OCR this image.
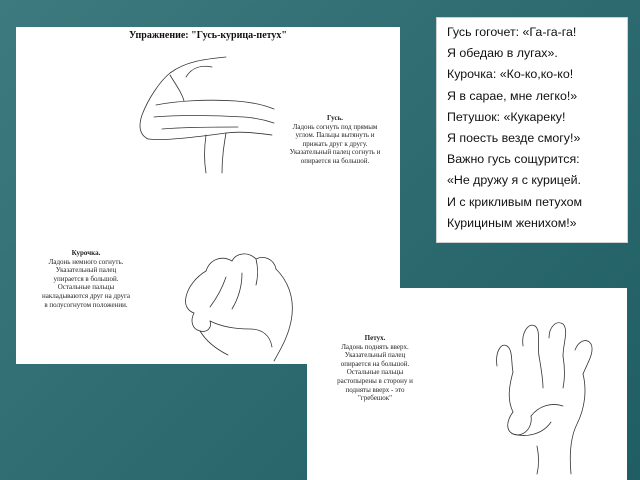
Упражнение: "Гусь-курица-петух"
Гусь.
Ладонь согнуть под прямым
углом. Пальцы вытянуть и
прижать друг к другу.
Указательный палец согнуть и
опирается на большой.
Курочка.
Ладонь немного согнуть.
Указательный палец
упирается в большой.
Остальные пальцы
накладываются друг на друга
в полусогнутом положении.
Гусь гогочет: «Га-га-га!
Я обедаю в лугах».
Курочка: «Ко-ко,ко-ко!
Я в сарае, мне легко!»
Петушок: «Кукареку!
Я поесть везде смогу!»
Важно гусь сощурится:
«Не дружу я с курицей.
И с крикливым петухом
Курициным женихом!»
Петух.
Ладонь поднять вверх.
Указательный палец
опирается на большой.
Остальные пальцы
растопырены в сторону и
подняты вверх - это
"гребешок"
